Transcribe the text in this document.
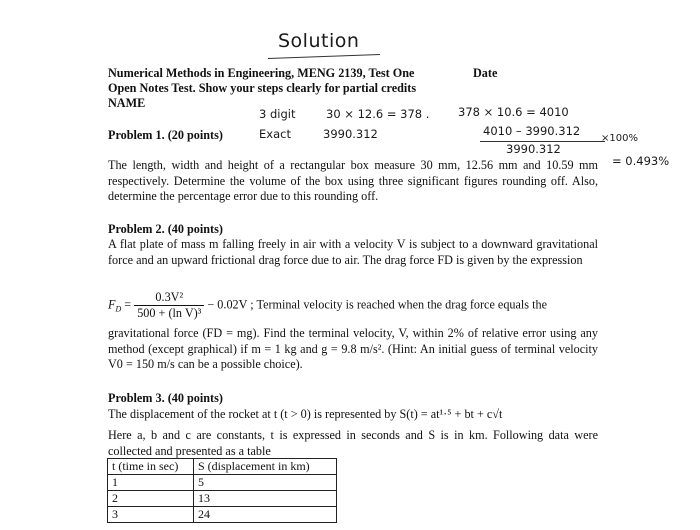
Solution
3 digit	30 × 12.6 = 378 . 378 × 10.6 = 4010
Exact	3990.312	4010 – 3990.312
3990.312
×100%
= 0.493%
Numerical Methods in Engineering, MENG 2139, Test One	Date
Open Notes Test. Show your steps clearly for partial credits
NAME
Problem 1. (20 points)
The length, width and height of a rectangular box measure 30 mm, 12.56 mm and 10.59 mm respectively. Determine the volume of the box using three significant figures rounding off. Also, determine the percentage error due to this rounding off.
Problem 2. (40 points)
A flat plate of mass m falling freely in air with a velocity V is subject to a downward gravitational force and an upward frictional drag force due to air. The drag force FD is given by the expression
$F_D = \frac{\text{0.3V²}}{\text{500 + (ln V)³}} - 0.02V$ ; Terminal velocity is reached when the drag force equals the
gravitational force (FD = mg). Find the terminal velocity, V, within 2% of relative error using any method (except graphical) if m = 1 kg and g = 9.8 m/s². (Hint: An initial guess of terminal velocity V0 = 150 m/s can be a possible choice).
Problem 3. (40 points)
The displacement of the rocket at t (t > 0) is represented by S(t) = at¹·⁵ + bt + c√t
Here a, b and c are constants, t is expressed in seconds and S is in km. Following data were collected and presented as a table
t (time in sec)	S (displacement in km)
1	5
2	13
3	24
